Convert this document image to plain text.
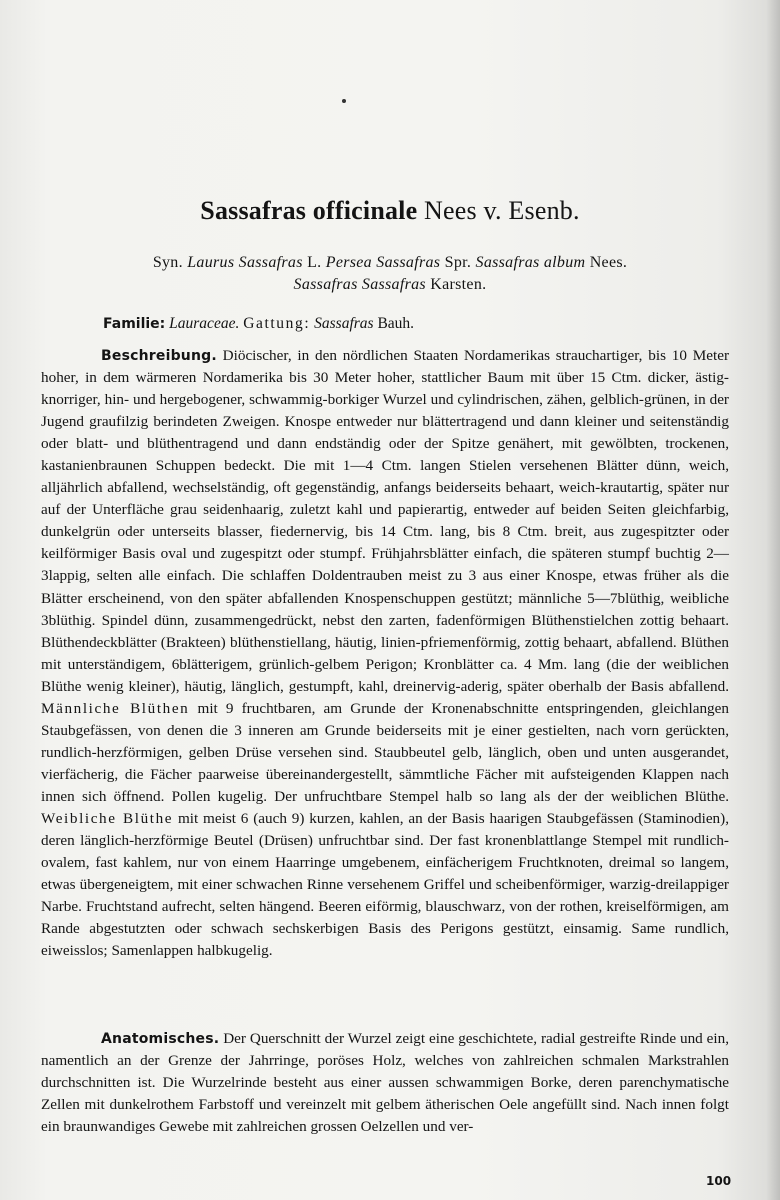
Sassafras officinale Nees v. Esenb.
Syn. Laurus Sassafras L. Persea Sassafras Spr. Sassafras album Nees.
Sassafras Sassafras Karsten.
Familie: Lauraceae. Gattung: Sassafras Bauh.
Beschreibung. Diöcischer, in den nördlichen Staaten Nordamerikas strauchartiger, bis 10 Meter hoher, in dem wärmeren Nordamerika bis 30 Meter hoher, stattlicher Baum mit über 15 Ctm. dicker, ästig-knorriger, hin- und hergebogener, schwammig-borkiger Wurzel und cylindrischen, zähen, gelblich-grünen, in der Jugend graufilzig berindeten Zweigen. Knospe entweder nur blättertragend und dann kleiner und seitenständig oder blatt- und blüthentragend und dann endständig oder der Spitze genähert, mit gewölbten, trockenen, kastanienbraunen Schuppen bedeckt. Die mit 1—4 Ctm. langen Stielen versehenen Blätter dünn, weich, alljährlich abfallend, wechselständig, oft gegenständig, anfangs beiderseits behaart, weich-krautartig, später nur auf der Unterfläche grau seidenhaarig, zuletzt kahl und papierartig, entweder auf beiden Seiten gleichfarbig, dunkelgrün oder unterseits blasser, fiedernervig, bis 14 Ctm. lang, bis 8 Ctm. breit, aus zugespitzter oder keilförmiger Basis oval und zugespitzt oder stumpf. Frühjahrsblätter einfach, die späteren stumpf buchtig 2—3lappig, selten alle einfach. Die schlaffen Doldentrauben meist zu 3 aus einer Knospe, etwas früher als die Blätter erscheinend, von den später abfallenden Knospenschuppen gestützt; männliche 5—7blüthig, weibliche 3blüthig. Spindel dünn, zusammengedrückt, nebst den zarten, fadenförmigen Blüthenstielchen zottig behaart. Blüthendeckblätter (Brakteen) blüthenstiellang, häutig, linien-pfriemenförmig, zottig behaart, abfallend. Blüthen mit unterständigem, 6blätterigem, grünlich-gelbem Perigon; Kronblätter ca. 4 Mm. lang (die der weiblichen Blüthe wenig kleiner), häutig, länglich, gestumpft, kahl, dreinervig-aderig, später oberhalb der Basis abfallend. Männliche Blüthen mit 9 fruchtbaren, am Grunde der Kronenabschnitte entspringenden, gleichlangen Staubgefässen, von denen die 3 inneren am Grunde beiderseits mit je einer gestielten, nach vorn gerückten, rundlich-herzförmigen, gelben Drüse versehen sind. Staubbeutel gelb, länglich, oben und unten ausgerandet, vierfächerig, die Fächer paarweise übereinandergestellt, sämmtliche Fächer mit aufsteigenden Klappen nach innen sich öffnend. Pollen kugelig. Der unfruchtbare Stempel halb so lang als der der weiblichen Blüthe. Weibliche Blüthe mit meist 6 (auch 9) kurzen, kahlen, an der Basis haarigen Staubgefässen (Staminodien), deren länglich-herzförmige Beutel (Drüsen) unfruchtbar sind. Der fast kronenblattlange Stempel mit rundlich-ovalem, fast kahlem, nur von einem Haarringe umgebenem, einfächerigem Fruchtknoten, dreimal so langem, etwas übergeneigtem, mit einer schwachen Rinne versehenem Griffel und scheibenförmiger, warzig-dreilappiger Narbe. Fruchtstand aufrecht, selten hängend. Beeren eiförmig, blauschwarz, von der rothen, kreiselförmigen, am Rande abgestutzten oder schwach sechskerbigen Basis des Perigons gestützt, einsamig. Same rundlich, eiweisslos; Samenlappen halbkugelig.
Anatomisches. Der Querschnitt der Wurzel zeigt eine geschichtete, radial gestreifte Rinde und ein, namentlich an der Grenze der Jahrringe, poröses Holz, welches von zahlreichen schmalen Markstrahlen durchschnitten ist. Die Wurzelrinde besteht aus einer aussen schwammigen Borke, deren parenchymatische Zellen mit dunkelrothem Farbstoff und vereinzelt mit gelbem ätherischen Oele angefüllt sind. Nach innen folgt ein braunwandiges Gewebe mit zahlreichen grossen Oelzellen und ver-
100
